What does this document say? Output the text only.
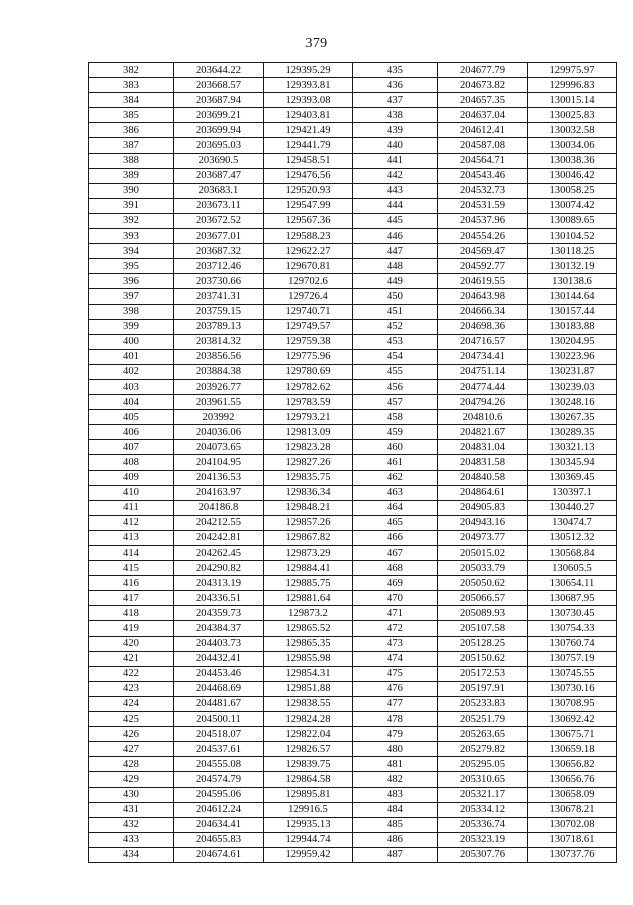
379
382	203644.22	129395.29	435	204677.79	129975.97
383	203668.57	129393.81	436	204673.82	129996.83
384	203687.94	129393.08	437	204657.35	130015.14
385	203699.21	129403.81	438	204637.04	130025.83
386	203699.94	129421.49	439	204612.41	130032.58
387	203695.03	129441.79	440	204587.08	130034.06
388	203690.5	129458.51	441	204564.71	130038.36
389	203687.47	129476.56	442	204543.46	130046.42
390	203683.1	129520.93	443	204532.73	130058.25
391	203673.11	129547.99	444	204531.59	130074.42
392	203672.52	129567.36	445	204537.96	130089.65
393	203677.01	129588.23	446	204554.26	130104.52
394	203687.32	129622.27	447	204569.47	130118.25
395	203712.46	129670.81	448	204592.77	130132.19
396	203730.66	129702.6	449	204619.55	130138.6
397	203741.31	129726.4	450	204643.98	130144.64
398	203759.15	129740.71	451	204666.34	130157.44
399	203789.13	129749.57	452	204698.36	130183.88
400	203814.32	129759.38	453	204716.57	130204.95
401	203856.56	129775.96	454	204734.41	130223.96
402	203884.38	129780.69	455	204751.14	130231.87
403	203926.77	129782.62	456	204774.44	130239.03
404	203961.55	129783.59	457	204794.26	130248.16
405	203992	129793.21	458	204810.6	130267.35
406	204036.06	129813.09	459	204821.67	130289.35
407	204073.65	129823.28	460	204831.04	130321.13
408	204104.95	129827.26	461	204831.58	130345.94
409	204136.53	129835.75	462	204840.58	130369.45
410	204163.97	129836.34	463	204864.61	130397.1
411	204186.8	129848.21	464	204905.83	130440.27
412	204212.55	129857.26	465	204943.16	130474.7
413	204242.81	129867.82	466	204973.77	130512.32
414	204262.45	129873.29	467	205015.02	130568.84
415	204290.82	129884.41	468	205033.79	130605.5
416	204313.19	129885.75	469	205050.62	130654.11
417	204336.51	129881.64	470	205066.57	130687.95
418	204359.73	129873.2	471	205089.93	130730.45
419	204384.37	129865.52	472	205107.58	130754.33
420	204403.73	129865.35	473	205128.25	130760.74
421	204432.41	129855.98	474	205150.62	130757.19
422	204453.46	129854.31	475	205172.53	130745.55
423	204468.69	129851.88	476	205197.91	130730.16
424	204481.67	129838.55	477	205233.83	130708.95
425	204500.11	129824.28	478	205251.79	130692.42
426	204518.07	129822.04	479	205263.65	130675.71
427	204537.61	129826.57	480	205279.82	130659.18
428	204555.08	129839.75	481	205295.05	130656.82
429	204574.79	129864.58	482	205310.65	130656.76
430	204595.06	129895.81	483	205321.17	130658.09
431	204612.24	129916.5	484	205334.12	130678.21
432	204634.41	129935.13	485	205336.74	130702.08
433	204655.83	129944.74	486	205323.19	130718.61
434	204674.61	129959.42	487	205307.76	130737.76
